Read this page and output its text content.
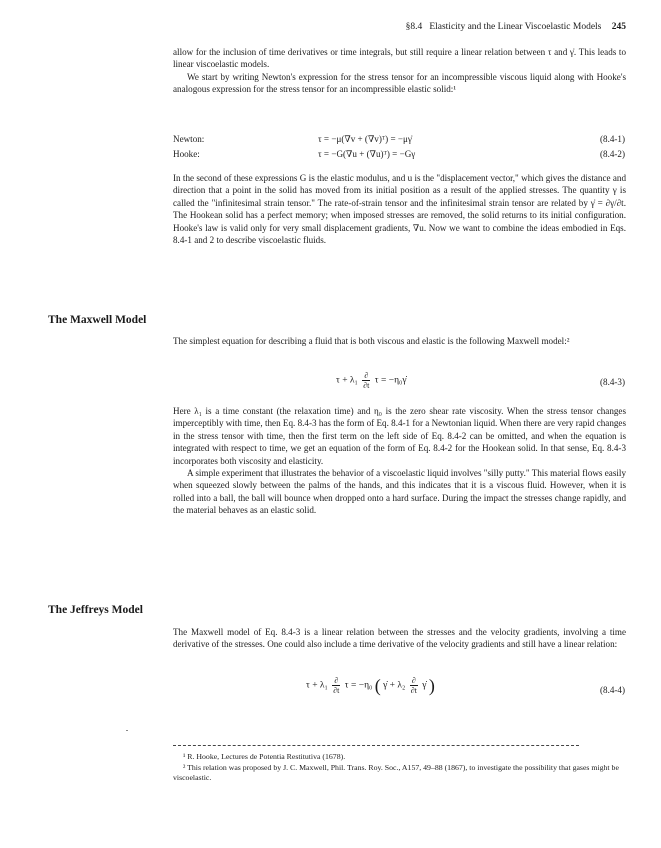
§8.4 Elasticity and the Linear Viscoelastic Models 245

allow for the inclusion of time derivatives or time integrals, but still require a linear relation between τ and γ̇. This leads to linear viscoelastic models.

We start by writing Newton's expression for the stress tensor for an incompressible viscous liquid along with Hooke's analogous expression for the stress tensor for an incompressible elastic solid:¹

Newton:	τ = −μ(∇v + (∇v)ᵀ) = −μγ̇	(8.4-1)
Hooke:	τ = −G(∇u + (∇u)ᵀ) = −Gγ	(8.4-2)

In the second of these expressions G is the elastic modulus, and u is the "displacement vector," which gives the distance and direction that a point in the solid has moved from its initial position as a result of the applied stresses. The quantity γ is called the "infinitesimal strain tensor." The rate-of-strain tensor and the infinitesimal strain tensor are related by γ̇ = ∂γ/∂t. The Hookean solid has a perfect memory; when imposed stresses are removed, the solid returns to its initial configuration. Hooke's law is valid only for very small displacement gradients, ∇u. Now we want to combine the ideas embodied in Eqs. 8.4-1 and 2 to describe viscoelastic fluids.

The Maxwell Model

The simplest equation for describing a fluid that is both viscous and elastic is the following Maxwell model:²

$\tau + \lambda_1 \frac{\partial}{\partial t}$ τ = −η₀γ̇	(8.4-3)

Here λ₁ is a time constant (the relaxation time) and η₀ is the zero shear rate viscosity. When the stress tensor changes imperceptibly with time, then Eq. 8.4-3 has the form of Eq. 8.4-1 for a Newtonian liquid. When there are very rapid changes in the stress tensor with time, then the first term on the left side of Eq. 8.4-2 can be omitted, and when the equation is integrated with respect to time, we get an equation of the form of Eq. 8.4-2 for the Hookean solid. In that sense, Eq. 8.4-3 incorporates both viscosity and elasticity.

A simple experiment that illustrates the behavior of a viscoelastic liquid involves "silly putty." This material flows easily when squeezed slowly between the palms of the hands, and this indicates that it is a viscous fluid. However, when it is rolled into a ball, the ball will bounce when dropped onto a hard surface. During the impact the stresses change rapidly, and the material behaves as an elastic solid.

The Jeffreys Model

The Maxwell model of Eq. 8.4-3 is a linear relation between the stresses and the velocity gradients, involving a time derivative of the stresses. One could also include a time derivative of the velocity gradients and still have a linear relation:

$\tau + \lambda_1 \frac{\partial}{\partial t}$ τ = −η₀ ( γ̇ + $\lambda_2 \frac{\partial}{\partial t}$ γ̇ )	(8.4-4)

¹ R. Hooke, Lectures de Potentia Restitutiva (1678).

² This relation was proposed by J. C. Maxwell, Phil. Trans. Roy. Soc., A157, 49–88 (1867), to investigate the possibility that gases might be viscoelastic.
